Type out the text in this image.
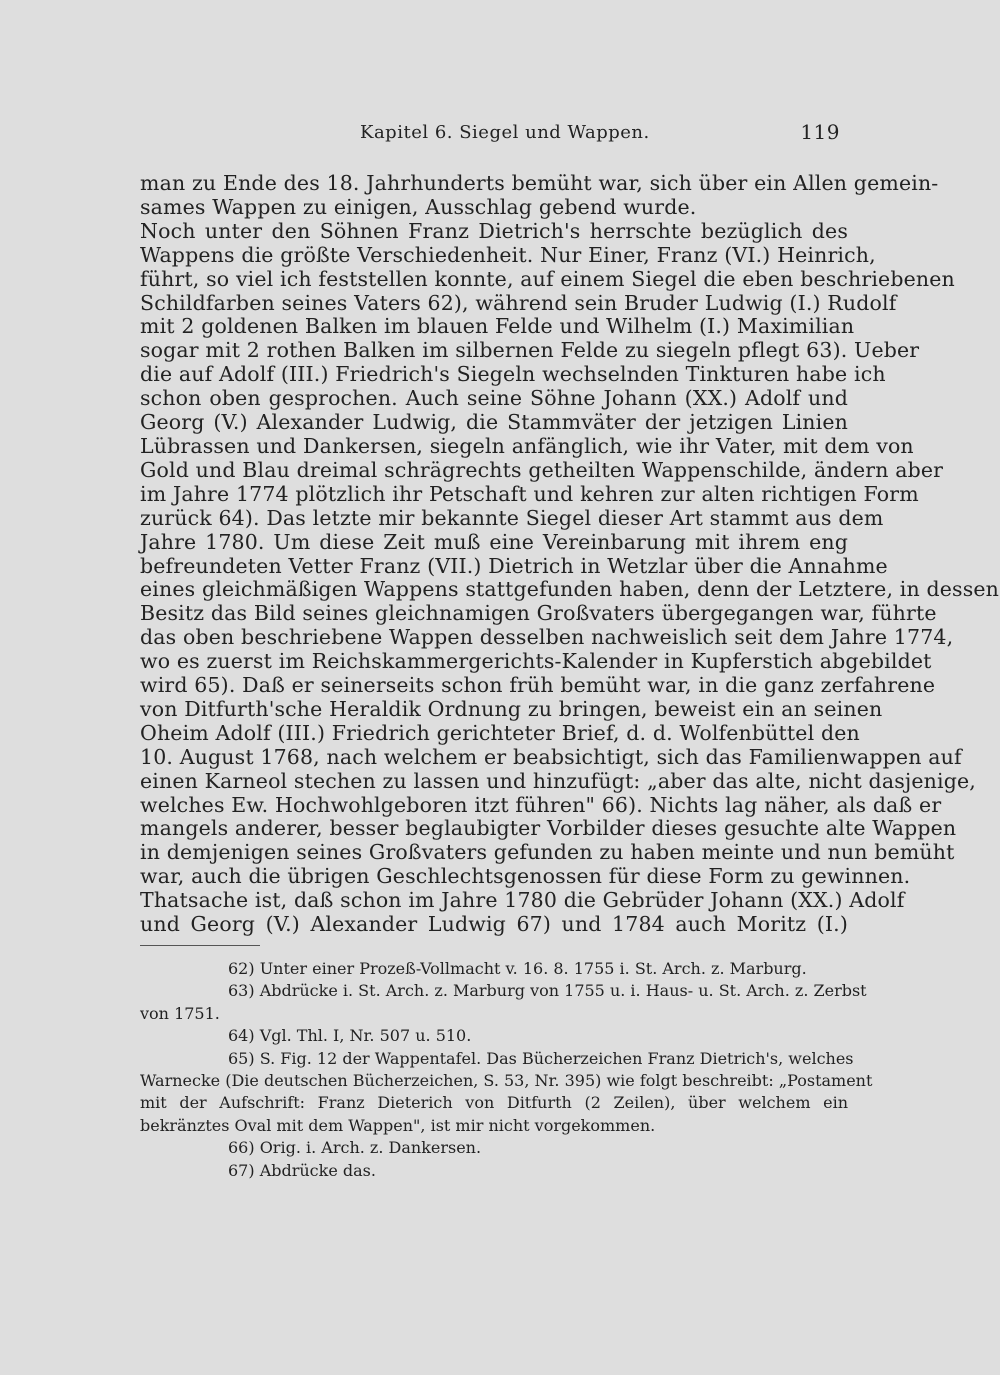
Kapitel 6. Siegel und Wappen.	119
man zu Ende des 18. Jahrhunderts bemüht war, sich über ein Allen gemein-
sames Wappen zu einigen, Ausschlag gebend wurde.
Noch unter den Söhnen Franz Dietrich's herrschte bezüglich des
Wappens die größte Verschiedenheit. Nur Einer, Franz (VI.) Heinrich,
führt, so viel ich feststellen konnte, auf einem Siegel die eben beschriebenen
Schildfarben seines Vaters 62), während sein Bruder Ludwig (I.) Rudolf
mit 2 goldenen Balken im blauen Felde und Wilhelm (I.) Maximilian
sogar mit 2 rothen Balken im silbernen Felde zu siegeln pflegt 63). Ueber
die auf Adolf (III.) Friedrich's Siegeln wechselnden Tinkturen habe ich
schon oben gesprochen. Auch seine Söhne Johann (XX.) Adolf und
Georg (V.) Alexander Ludwig, die Stammväter der jetzigen Linien
Lübrassen und Dankersen, siegeln anfänglich, wie ihr Vater, mit dem von
Gold und Blau dreimal schrägrechts getheilten Wappenschilde, ändern aber
im Jahre 1774 plötzlich ihr Petschaft und kehren zur alten richtigen Form
zurück 64). Das letzte mir bekannte Siegel dieser Art stammt aus dem
Jahre 1780. Um diese Zeit muß eine Vereinbarung mit ihrem eng
befreundeten Vetter Franz (VII.) Dietrich in Wetzlar über die Annahme
eines gleichmäßigen Wappens stattgefunden haben, denn der Letztere, in dessen
Besitz das Bild seines gleichnamigen Großvaters übergegangen war, führte
das oben beschriebene Wappen desselben nachweislich seit dem Jahre 1774,
wo es zuerst im Reichskammergerichts-Kalender in Kupferstich abgebildet
wird 65). Daß er seinerseits schon früh bemüht war, in die ganz zerfahrene
von Ditfurth'sche Heraldik Ordnung zu bringen, beweist ein an seinen
Oheim Adolf (III.) Friedrich gerichteter Brief, d. d. Wolfenbüttel den
10. August 1768, nach welchem er beabsichtigt, sich das Familienwappen auf
einen Karneol stechen zu lassen und hinzufügt: „aber das alte, nicht dasjenige,
welches Ew. Hochwohlgeboren itzt führen" 66). Nichts lag näher, als daß er
mangels anderer, besser beglaubigter Vorbilder dieses gesuchte alte Wappen
in demjenigen seines Großvaters gefunden zu haben meinte und nun bemüht
war, auch die übrigen Geschlechtsgenossen für diese Form zu gewinnen.
Thatsache ist, daß schon im Jahre 1780 die Gebrüder Johann (XX.) Adolf
und Georg (V.) Alexander Ludwig 67) und 1784 auch Moritz (I.)
62) Unter einer Prozeß-Vollmacht v. 16. 8. 1755 i. St. Arch. z. Marburg.
63) Abdrücke i. St. Arch. z. Marburg von 1755 u. i. Haus- u. St. Arch. z. Zerbst
von 1751.
64) Vgl. Thl. I, Nr. 507 u. 510.
65) S. Fig. 12 der Wappentafel. Das Bücherzeichen Franz Dietrich's, welches
Warnecke (Die deutschen Bücherzeichen, S. 53, Nr. 395) wie folgt beschreibt: „Postament
mit der Aufschrift: Franz Dieterich von Ditfurth (2 Zeilen), über welchem ein
bekränztes Oval mit dem Wappen", ist mir nicht vorgekommen.
66) Orig. i. Arch. z. Dankersen.
67) Abdrücke das.
